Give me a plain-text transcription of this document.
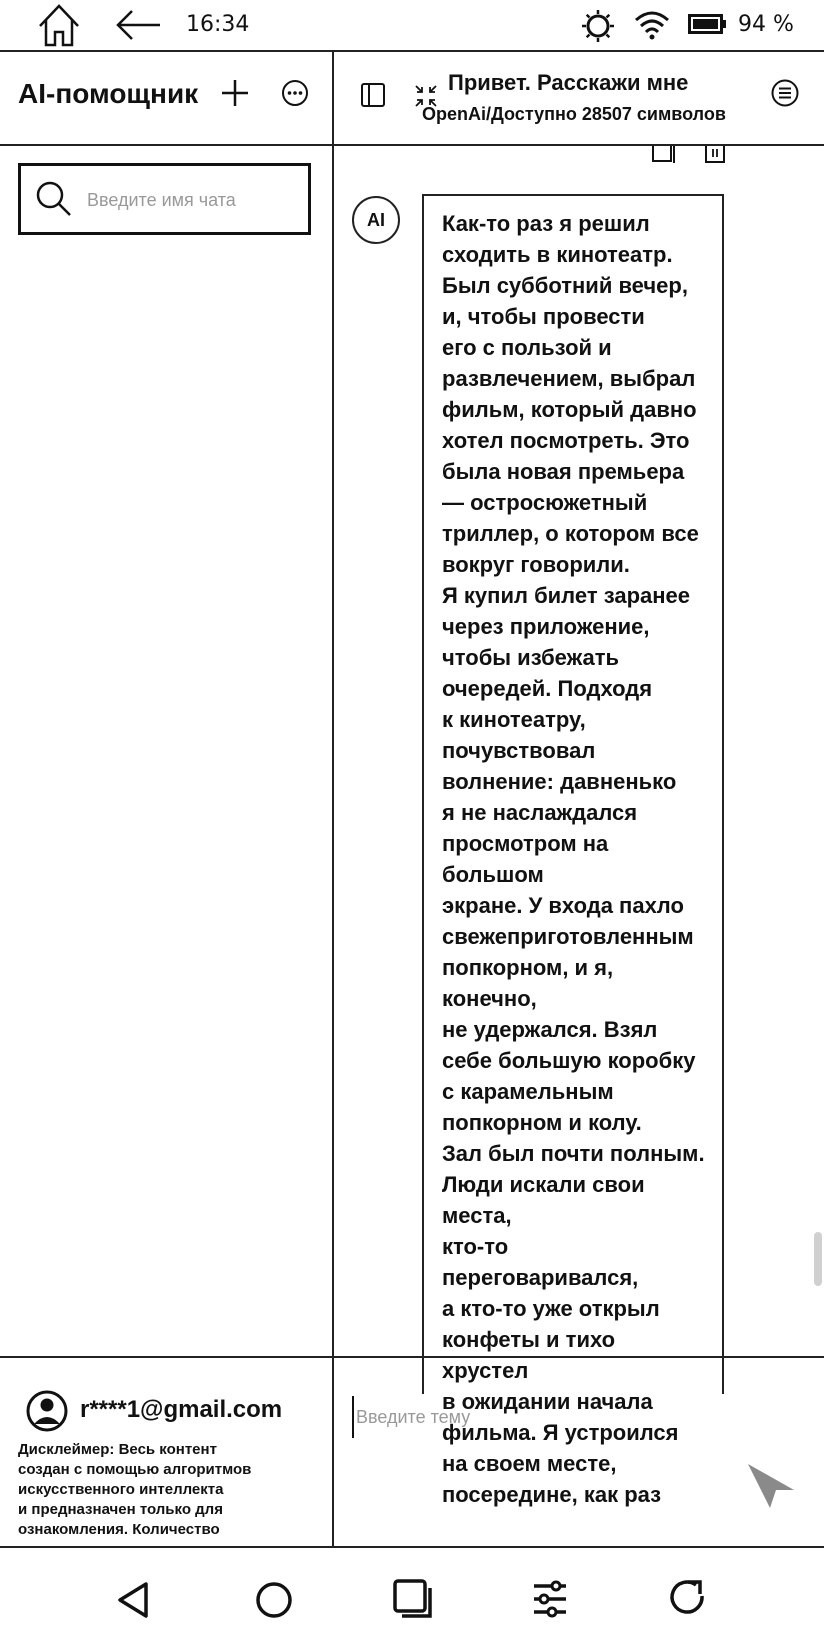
16:34	94 %
AI-помощник	Привет. Расскажи мне
OpenAi/Доступно 28507 символов
Введите имя чата
AI	Как-то раз я решил
сходить в кинотеатр.
Был субботний вечер,
и, чтобы провести
его с пользой и
развлечением, выбрал
фильм, который давно
хотел посмотреть. Это
была новая премьера
— остросюжетный
триллер, о котором все
вокруг говорили.
Я купил билет заранее
через приложение,
чтобы избежать
очередей. Подходя
к кинотеатру,
почувствовал
волнение: давненько
я не наслаждался
просмотром на большом
экране. У входа пахло
свежеприготовленным
попкорном, и я, конечно,
не удержался. Взял
себе большую коробку
с карамельным
попкорном и колу.
Зал был почти полным.
Люди искали свои места,
кто-то переговаривался,
а кто-то уже открыл
конфеты и тихо хрустел
в ожидании начала
фильма. Я устроился
на своем месте,
посередине, как раз

r****1@gmail.com
Дисклеймер: Весь контент
создан с помощью алгоритмов
искусственного интеллекта
и предназначен только для
ознакомления. Количество
Введите тему
